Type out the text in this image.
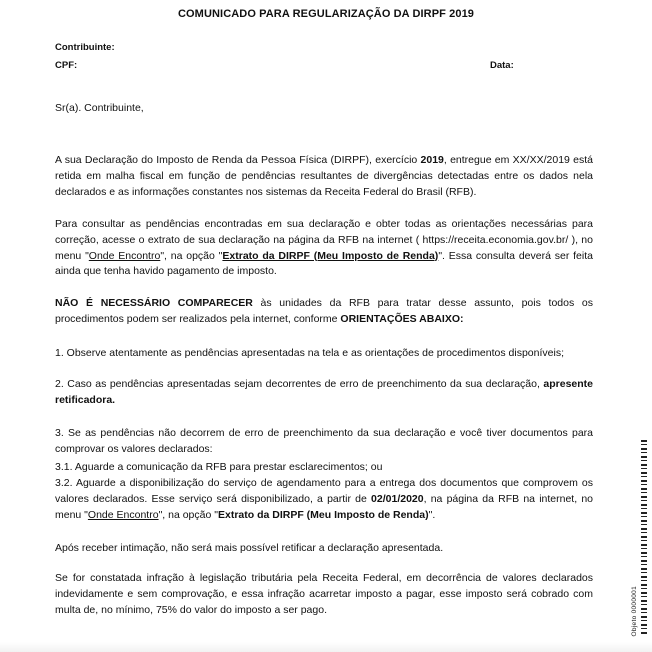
COMUNICADO PARA REGULARIZAÇÃO DA DIRPF 2019
Contribuinte:
CPF:	Data:

Sr(a). Contribuinte,

A sua Declaração do Imposto de Renda da Pessoa Física (DIRPF), exercício 2019, entregue em XX/XX/2019 está retida em malha fiscal em função de pendências resultantes de divergências detectadas entre os dados nela declarados e as informações constantes nos sistemas da Receita Federal do Brasil (RFB).

Para consultar as pendências encontradas em sua declaração e obter todas as orientações necessárias para correção, acesse o extrato de sua declaração na página da RFB na internet ( https://receita.economia.gov.br/ ), no menu "Onde Encontro", na opção "Extrato da DIRPF (Meu Imposto de Renda)". Essa consulta deverá ser feita ainda que tenha havido pagamento de imposto.

NÃO É NECESSÁRIO COMPARECER às unidades da RFB para tratar desse assunto, pois todos os procedimentos podem ser realizados pela internet, conforme ORIENTAÇÕES ABAIXO:

1. Observe atentamente as pendências apresentadas na tela e as orientações de procedimentos disponíveis;

2. Caso as pendências apresentadas sejam decorrentes de erro de preenchimento da sua declaração, apresente retificadora.

3. Se as pendências não decorrem de erro de preenchimento da sua declaração e você tiver documentos para comprovar os valores declarados:

3.1. Aguarde a comunicação da RFB para prestar esclarecimentos; ou

3.2. Aguarde a disponibilização do serviço de agendamento para a entrega dos documentos que comprovem os valores declarados. Esse serviço será disponibilizado, a partir de 02/01/2020, na página da RFB na internet, no menu "Onde Encontro", na opção "Extrato da DIRPF (Meu Imposto de Renda)".

Após receber intimação, não será mais possível retificar a declaração apresentada.

Se for constatada infração à legislação tributária pela Receita Federal, em decorrência de valores declarados indevidamente e sem comprovação, e essa infração acarretar imposto a pagar, esse imposto será cobrado com multa de, no mínimo, 75% do valor do imposto a ser pago.	Objeto 0000001
